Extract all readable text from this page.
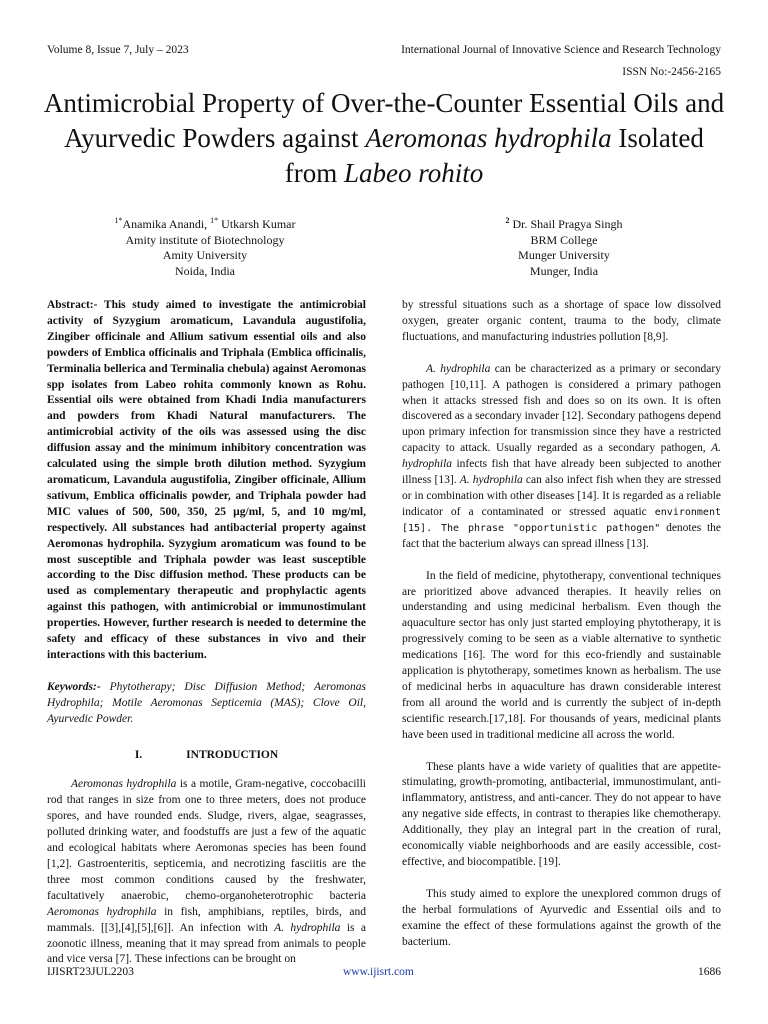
Volume 8, Issue 7, July – 2023	International Journal of Innovative Science and Research Technology
ISSN No:-2456-2165
Antimicrobial Property of Over-the-Counter Essential Oils and Ayurvedic Powders against Aeromonas hydrophila Isolated from Labeo rohito
$^{1*}$Anamika Anandi, $^{1*}$ Utkarsh Kumar
Amity institute of Biotechnology
Amity University
Noida, India
$^2$ Dr. Shail Pragya Singh
BRM College
Munger University
Munger, India

Abstract:- This study aimed to investigate the antimicrobial activity of Syzygium aromaticum, Lavandula augustifolia, Zingiber officinale and Allium sativum essential oils and also powders of Emblica officinalis and Triphala (Emblica officinalis, Terminalia bellerica and Terminalia chebula) against Aeromonas spp isolates from Labeo rohita commonly known as Rohu. Essential oils were obtained from Khadi India manufacturers and powders from Khadi Natural manufacturers. The antimicrobial activity of the oils was assessed using the disc diffusion assay and the minimum inhibitory concentration was calculated using the simple broth dilution method. Syzygium aromaticum, Lavandula augustifolia, Zingiber officinale, Allium sativum, Emblica officinalis powder, and Triphala powder had MIC values of 500, 500, 350, 25 µg/ml, 5, and 10 mg/ml, respectively. All substances had antibacterial property against Aeromonas hydrophila. Syzygium aromaticum was found to be most susceptible and Triphala powder was least susceptible according to the Disc diffusion method. These products can be used as complementary therapeutic and prophylactic agents against this pathogen, with antimicrobial or immunostimulant properties. However, further research is needed to determine the safety and efficacy of these substances in vivo and their interactions with this bacterium.

Keywords:- Phytotherapy; Disc Diffusion Method; Aeromonas Hydrophila; Motile Aeromonas Septicemia (MAS); Clove Oil, Ayurvedic Powder.

I.	INTRODUCTION

Aeromonas hydrophila is a motile, Gram-negative, coccobacilli rod that ranges in size from one to three meters, does not produce spores, and have rounded ends. Sludge, rivers, algae, seagrasses, polluted drinking water, and foodstuffs are just a few of the aquatic and ecological habitats where Aeromonas species has been found [1,2]. Gastroenteritis, septicemia, and necrotizing fasciitis are the three most common conditions caused by the freshwater, facultatively anaerobic, chemo-organoheterotrophic bacteria Aeromonas hydrophila in fish, amphibians, reptiles, birds, and mammals. [[3],[4],[5],[6]]. An infection with A. hydrophila is a zoonotic illness, meaning that it may spread from animals to people and vice versa [7]. These infections can be brought on

by stressful situations such as a shortage of space low dissolved oxygen, greater organic content, trauma to the body, climate fluctuations, and manufacturing industries pollution [8,9].

A. hydrophila can be characterized as a primary or secondary pathogen [10,11]. A pathogen is considered a primary pathogen when it attacks stressed fish and does so on its own. It is often discovered as a secondary invader [12]. Secondary pathogens depend upon primary infection for transmission since they have a restricted capacity to attack. Usually regarded as a secondary pathogen, A. hydrophila infects fish that have already been subjected to another illness [13]. A. hydrophila can also infect fish when they are stressed or in combination with other diseases [14]. It is regarded as a reliable indicator of a contaminated or stressed aquatic environment [15]. The phrase "opportunistic pathogen" denotes the fact that the bacterium always can spread illness [13].

In the field of medicine, phytotherapy, conventional techniques are prioritized above advanced therapies. It heavily relies on understanding and using medicinal herbalism. Even though the aquaculture sector has only just started employing phytotherapy, it is progressively coming to be seen as a viable alternative to synthetic medications [16]. The word for this eco-friendly and sustainable application is phytotherapy, sometimes known as herbalism. The use of medicinal herbs in aquaculture has drawn considerable interest from all around the world and is currently the subject of in-depth scientific research.[17,18]. For thousands of years, medicinal plants have been used in traditional medicine all across the world.

These plants have a wide variety of qualities that are appetite-stimulating, growth-promoting, antibacterial, immunostimulant, anti-inflammatory, antistress, and anti-cancer. They do not appear to have any negative side effects, in contrast to therapies like chemotherapy. Additionally, they play an integral part in the creation of rural, economically viable neighborhoods and are easily accessible, cost-effective, and biocompatible. [19].

This study aimed to explore the unexplored common drugs of the herbal formulations of Ayurvedic and Essential oils and to examine the effect of these formulations against the growth of the bacterium.

IJISRT23JUL2203	www.ijisrt.com	1686
